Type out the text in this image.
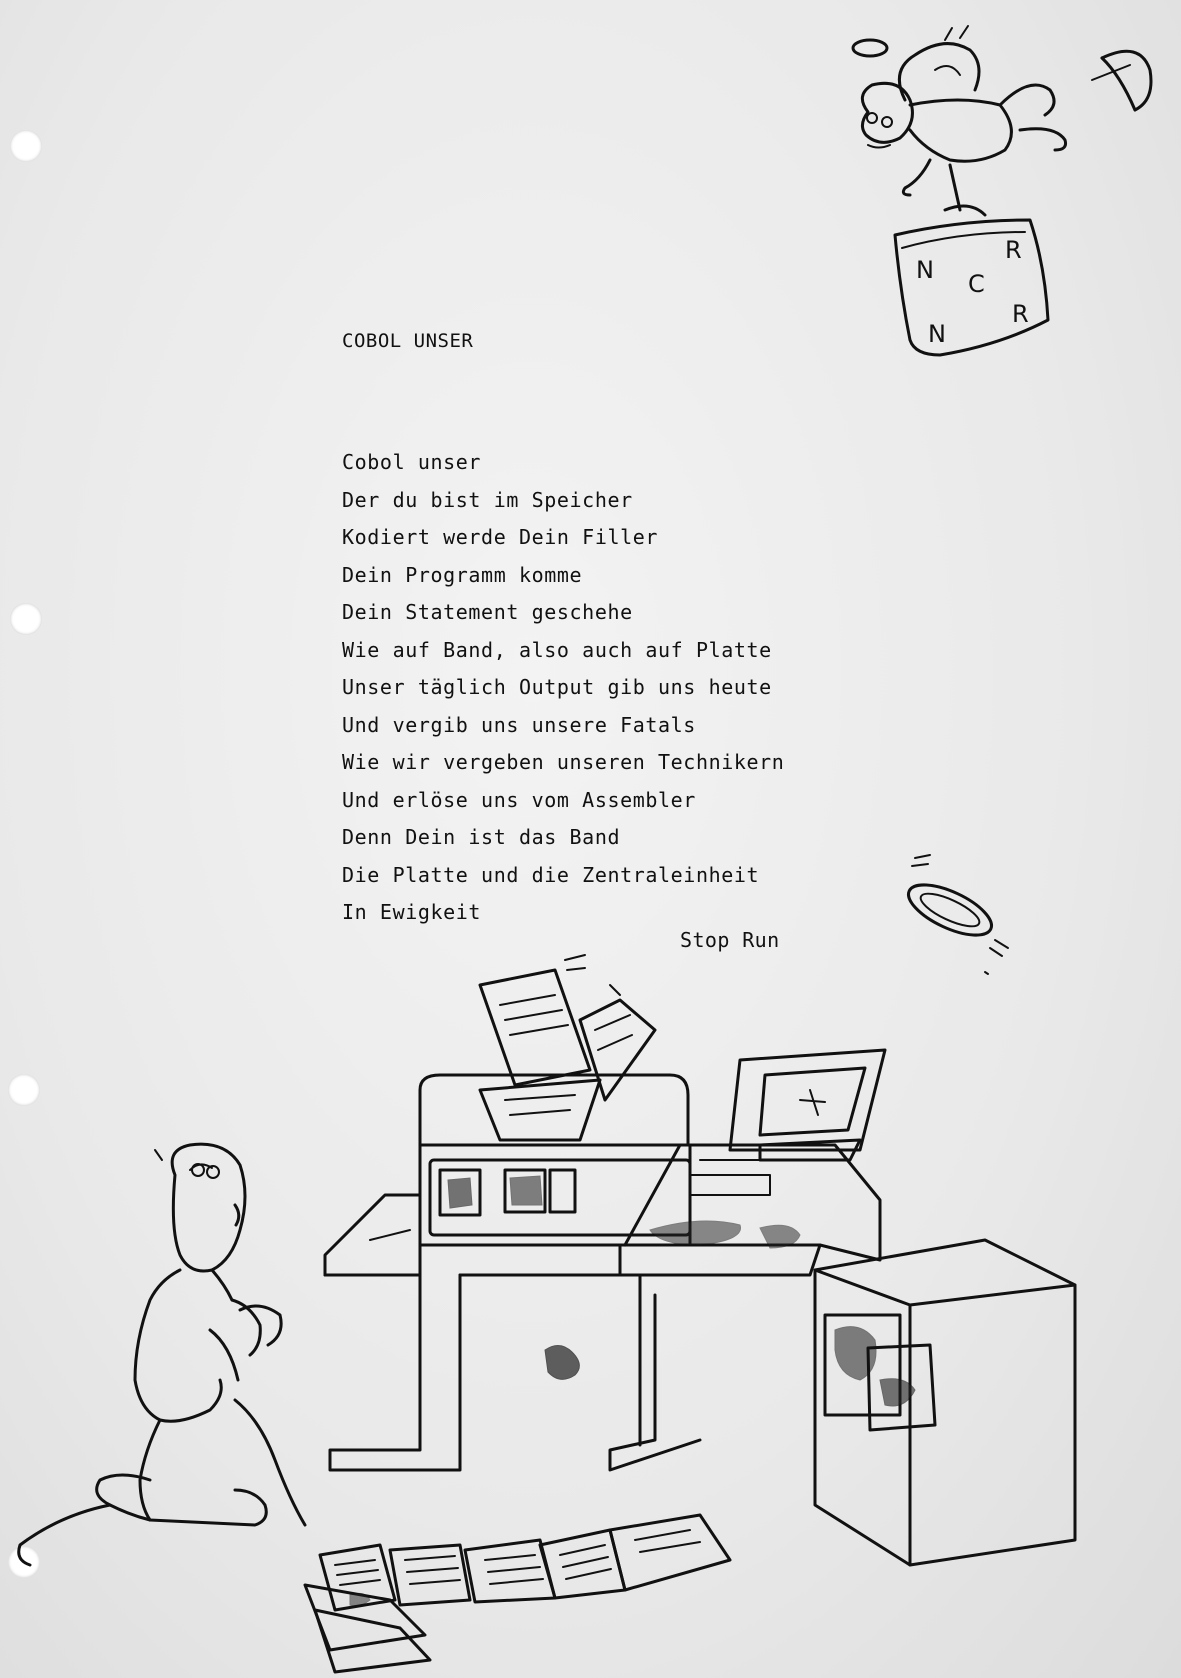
N C
R
N
R
COBOL UNSER
Cobol unser
Der du bist im Speicher
Kodiert werde Dein Filler
Dein Programm komme
Dein Statement geschehe
Wie auf Band, also auch auf Platte
Unser täglich Output gib uns heute
Und vergib uns unsere Fatals
Wie wir vergeben unseren Technikern
Und erlöse uns vom Assembler
Denn Dein ist das Band
Die Platte und die Zentraleinheit
In Ewigkeit
Stop Run
